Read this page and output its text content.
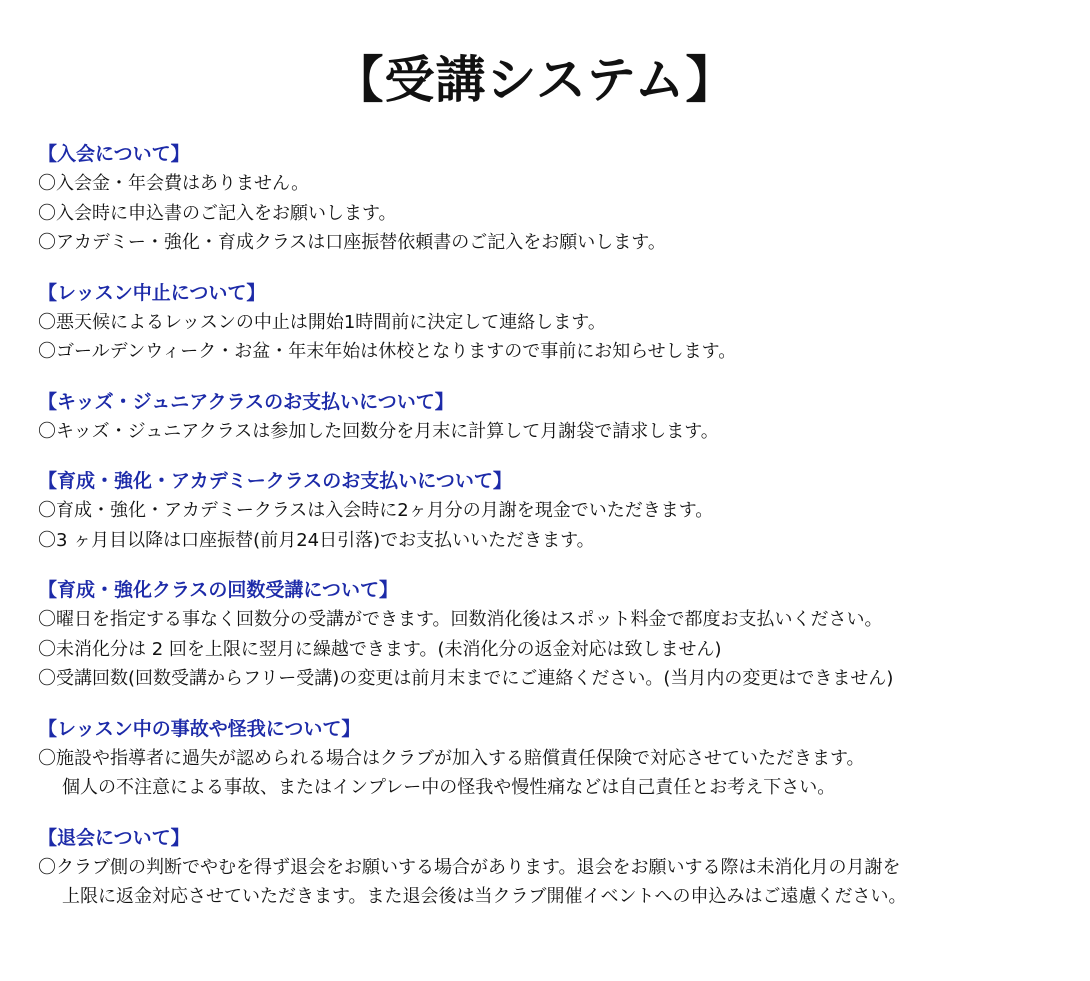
【受講システム】
【入会について】
〇入会金・年会費はありません。
〇入会時に申込書のご記入をお願いします。
〇アカデミー・強化・育成クラスは口座振替依頼書のご記入をお願いします。
【レッスン中止について】
〇悪天候によるレッスンの中止は開始1時間前に決定して連絡します。
〇ゴールデンウィーク・お盆・年末年始は休校となりますので事前にお知らせします。
【キッズ・ジュニアクラスのお支払いについて】
〇キッズ・ジュニアクラスは参加した回数分を月末に計算して月謝袋で請求します。
【育成・強化・アカデミークラスのお支払いについて】
〇育成・強化・アカデミークラスは入会時に2ヶ月分の月謝を現金でいただきます。
〇3 ヶ月目以降は口座振替(前月24日引落)でお支払いいただきます。
【育成・強化クラスの回数受講について】
〇曜日を指定する事なく回数分の受講ができます。回数消化後はスポット料金で都度お支払いください。
〇未消化分は 2 回を上限に翌月に繰越できます。(未消化分の返金対応は致しません)
〇受講回数(回数受講からフリー受講)の変更は前月末までにご連絡ください。(当月内の変更はできません)
【レッスン中の事故や怪我について】
〇施設や指導者に過失が認められる場合はクラブが加入する賠償責任保険で対応させていただきます。
個人の不注意による事故、またはインプレー中の怪我や慢性痛などは自己責任とお考え下さい。
【退会について】
〇クラブ側の判断でやむを得ず退会をお願いする場合があります。退会をお願いする際は未消化月の月謝を
上限に返金対応させていただきます。また退会後は当クラブ開催イベントへの申込みはご遠慮ください。
